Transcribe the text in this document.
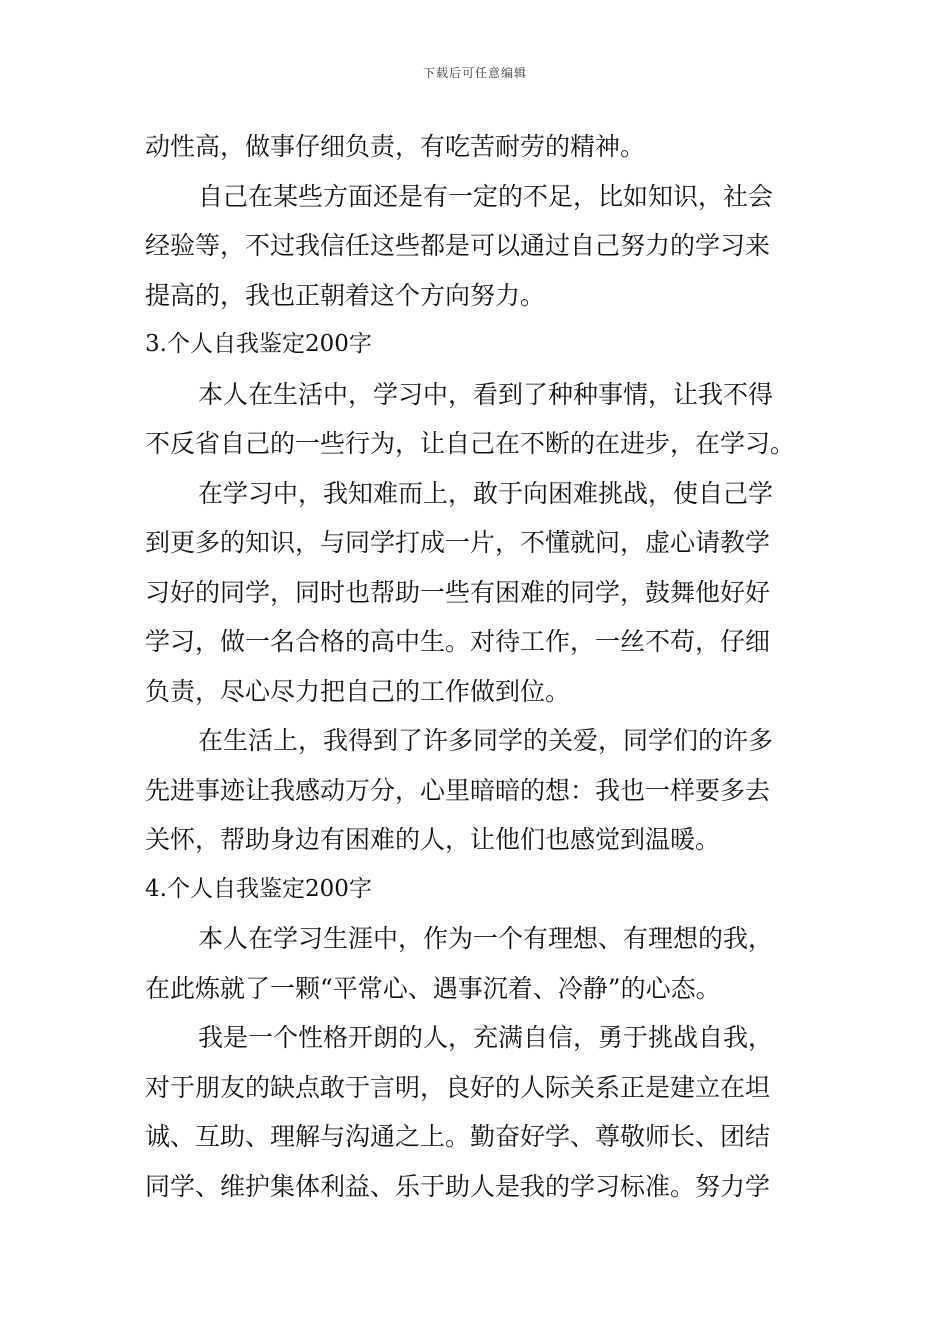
下载后可任意编辑
动性高，做事仔细负责，有吃苦耐劳的精神。
自己在某些方面还是有一定的不足，比如知识，社会
经验等，不过我信任这些都是可以通过自己努力的学习来
提高的，我也正朝着这个方向努力。
3.个人自我鉴定200字
本人在生活中，学习中，看到了种种事情，让我不得
不反省自己的一些行为，让自己在不断的在进步，在学习。
在学习中，我知难而上，敢于向困难挑战，使自己学
到更多的知识，与同学打成一片，不懂就问，虚心请教学
习好的同学，同时也帮助一些有困难的同学，鼓舞他好好
学习，做一名合格的高中生。对待工作，一丝不苟，仔细
负责，尽心尽力把自己的工作做到位。
在生活上，我得到了许多同学的关爱，同学们的许多
先进事迹让我感动万分，心里暗暗的想：我也一样要多去
关怀，帮助身边有困难的人，让他们也感觉到温暖。
4.个人自我鉴定200字
本人在学习生涯中，作为一个有理想、有理想的我，
在此炼就了一颗“平常心、遇事沉着、冷静”的心态。
我是一个性格开朗的人，充满自信，勇于挑战自我，
对于朋友的缺点敢于言明，良好的人际关系正是建立在坦
诚、互助、理解与沟通之上。勤奋好学、尊敬师长、团结
同学、维护集体利益、乐于助人是我的学习标准。努力学
